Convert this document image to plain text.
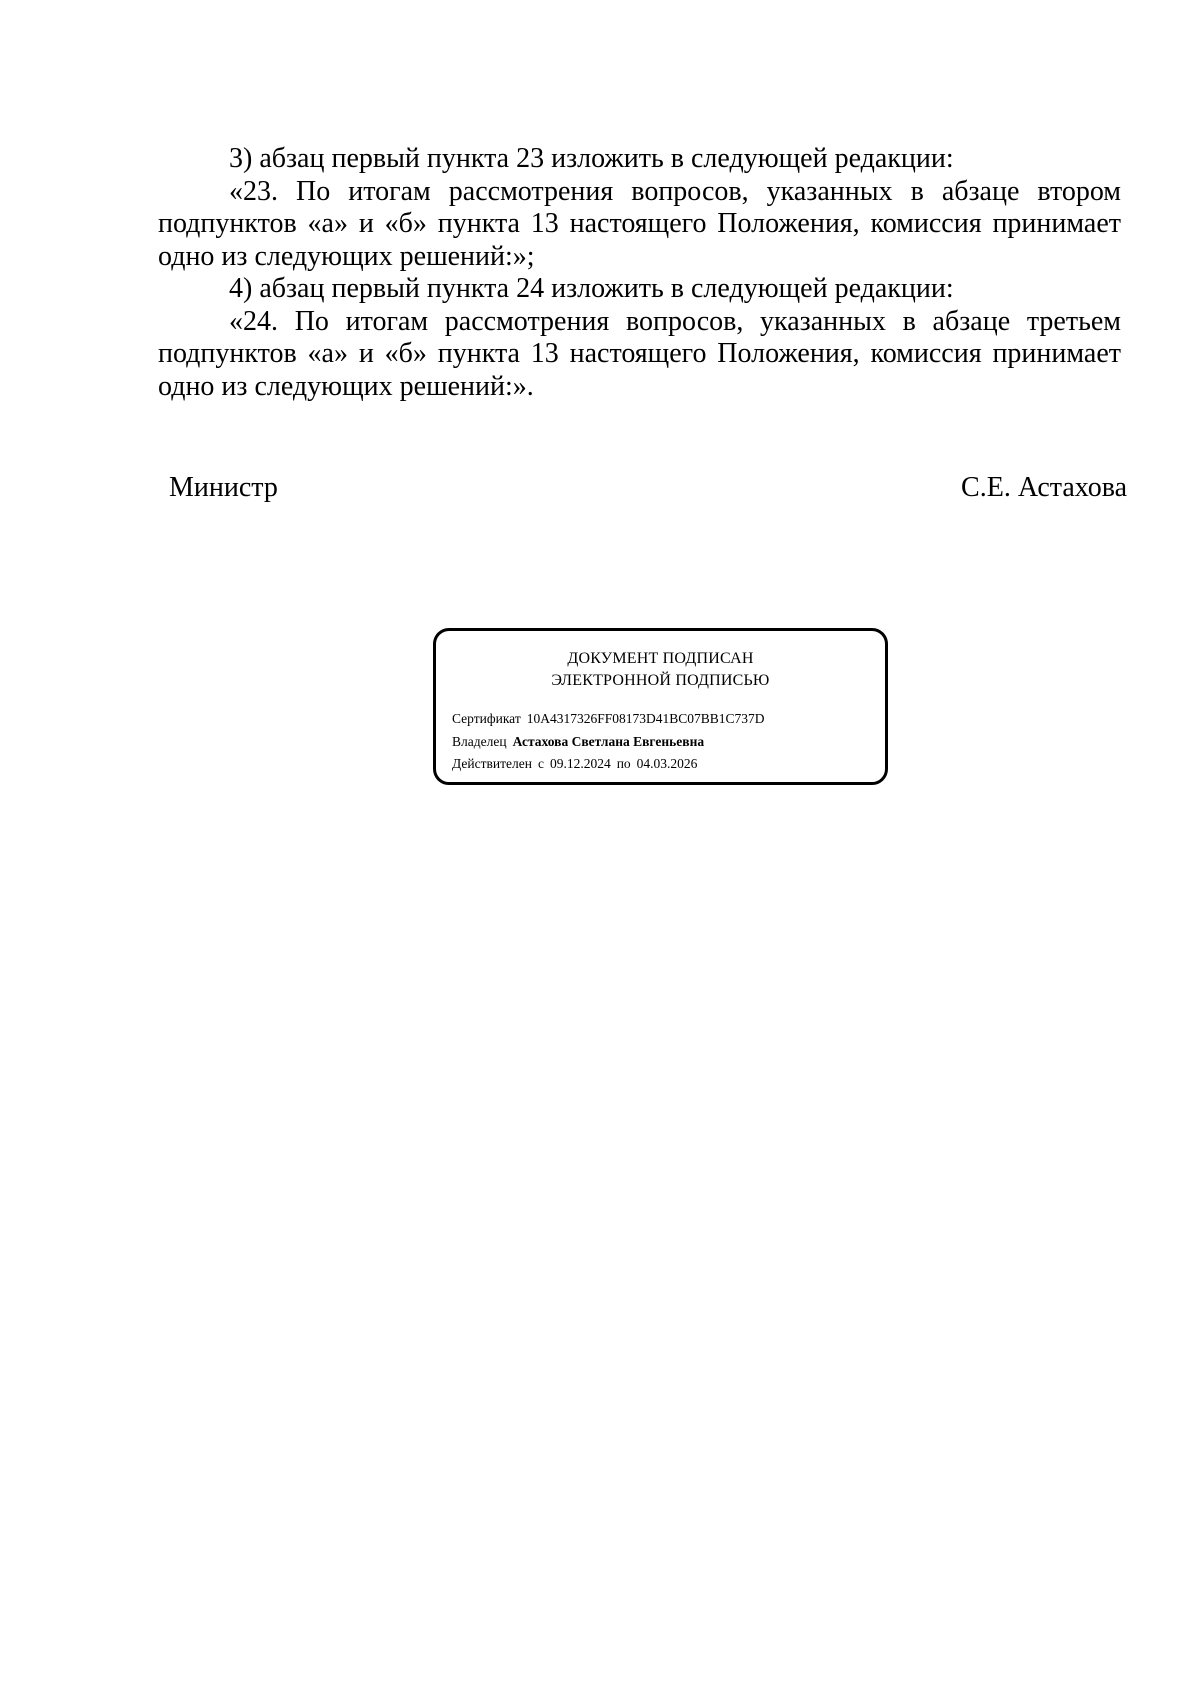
3) абзац первый пункта 23 изложить в следующей редакции:

«23. По итогам рассмотрения вопросов, указанных в абзаце втором подпунктов «а» и «б» пункта 13 настоящего Положения, комиссия принимает одно из следующих решений:»;

4) абзац первый пункта 24 изложить в следующей редакции:

«24. По итогам рассмотрения вопросов, указанных в абзаце третьем подпунктов «а» и «б» пункта 13 настоящего Положения, комиссия принимает одно из следующих решений:».

Министр	С.Е. Астахова
ДОКУМЕНТ ПОДПИСАН
ЭЛЕКТРОННОЙ ПОДПИСЬЮ
Сертификат 10A4317326FF08173D41BC07BB1C737D
Владелец Астахова Светлана Евгеньевна
Действителен с 09.12.2024 по 04.03.2026
